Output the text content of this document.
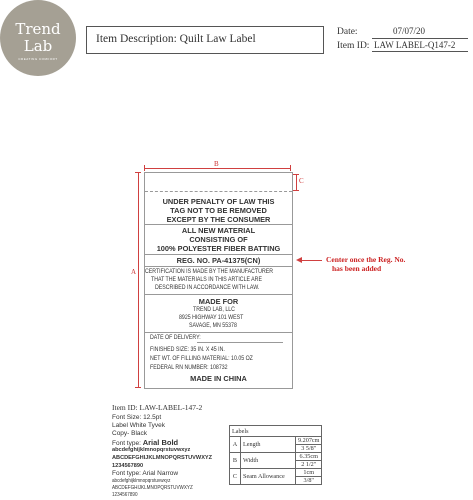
Trend
Lab
CREATING COMFORT
Item Description: Quilt Law Label
Date:	07/07/20
Item ID: LAW LABEL-Q147-2
B
A
C
UNDER PENALTY OF LAW THIS
TAG NOT TO BE REMOVED
EXCEPT BY THE CONSUMER
ALL NEW MATERIAL
CONSISTING OF
100% POLYESTER FIBER BATTING
REG. NO. PA-41375(CN)
CERTIFICATION IS MADE BY THE MANUFACTURER
THAT THE MATERIALS IN THIS ARTICLE ARE
DESCRIBED IN ACCORDANCE WITH LAW.
MADE FOR
TREND LAB, LLC
8925 HIGHWAY 101 WEST
SAVAGE, MN 55378
DATE OF DELIVERY:
FINISHED SIZE: 35 IN. X 45 IN.
NET WT. OF FILLING MATERIAL: 10.05 OZ
FEDERAL RN NUMBER: 108732
MADE IN CHINA
Center once the Reg. No.
has been added
Item ID: LAW-LABEL-147-2
Font Size: 12.5pt
Label White Tyvek
Copy- Black
Font type: Arial Bold
abcdefghijklmnopqrstuvwxyz
ABCDEFGHIJKLMNOPQRSTUVWXYZ
1234567890
Font type: Arial Narrow
abcdefghijklmnopqrstuvwxyz
ABCDEFGHIJKLMNOPQRSTUVWXYZ
1234567890
Labels		
A	Length	9.207cm
		3 5/8"
B	Width	6.35cm
		2 1/2"
C	Seam Allowance	1cm
		3/8"
